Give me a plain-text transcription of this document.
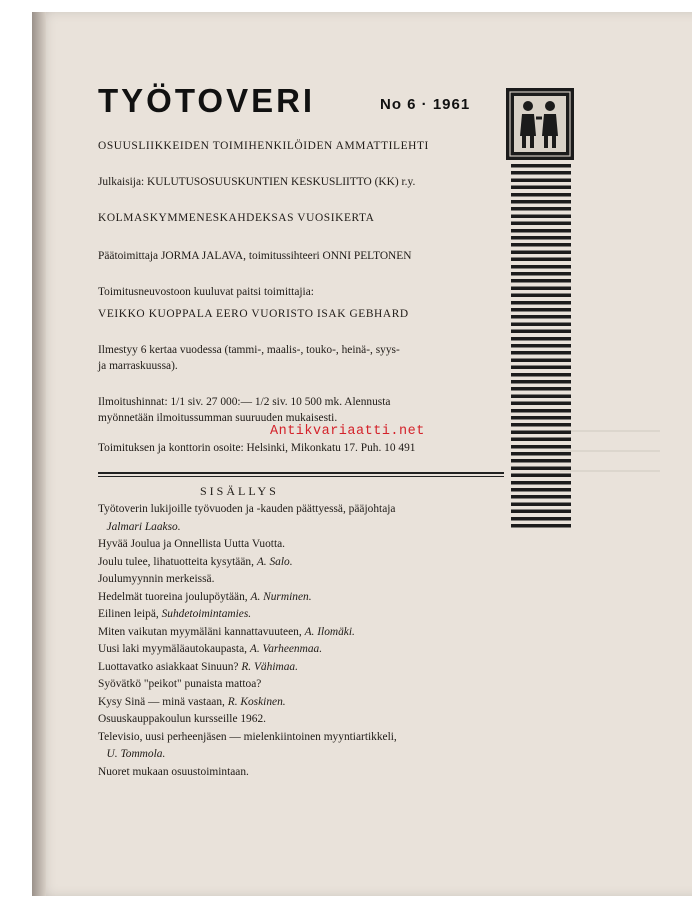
TYÖTOVERI	No 6 · 1961
OSUUSLIIKKEIDEN TOIMIHENKILÖIDEN AMMATTILEHTI
Julkaisija: KULUTUSOSUUSKUNTIEN KESKUSLIITTO (KK) r.y.
KOLMASKYMMENESKAHDEKSAS VUOSIKERTA
Päätoimittaja JORMA JALAVA, toimitussihteeri ONNI PELTONEN
Toimitusneuvostoon kuuluvat paitsi toimittajia:
VEIKKO KUOPPALA EERO VUORISTO ISAK GEBHARD
Ilmestyy 6 kertaa vuodessa (tammi-, maalis-, touko-, heinä-, syys-
ja marraskuussa).
Ilmoitushinnat: 1/1 siv. 27 000:— 1/2 siv. 10 500 mk. Alennusta
myönnetään ilmoitussumman suuruuden mukaisesti.
Toimituksen ja konttorin osoite: Helsinki, Mikonkatu 17. Puh. 10 491
SISÄLLYS
Työtoverin lukijoille työvuoden ja -kauden päättyessä, pääjohtaja
Jalmari Laakso.
Hyvää Joulua ja Onnellista Uutta Vuotta.
Joulu tulee, lihatuotteita kysytään, A. Salo.
Joulumyynnin merkeissä.
Hedelmät tuoreina joulupöytään, A. Nurminen.
Eilinen leipä, Suhdetoimintamies.
Miten vaikutan myymäläni kannattavuuteen, A. Ilomäki.
Uusi laki myymäläautokaupasta, A. Varheenmaa.
Luottavatko asiakkaat Sinuun? R. Vähimaa.
Syövätkö "peikot" punaista mattoa?
Kysy Sinä — minä vastaan, R. Koskinen.
Osuuskauppakoulun kursseille 1962.
Televisio, uusi perheenjäsen — mielenkiintoinen myyntiartikkeli,
U. Tommola.
Nuoret mukaan osuustoimintaan.
Antikvariaatti.net
